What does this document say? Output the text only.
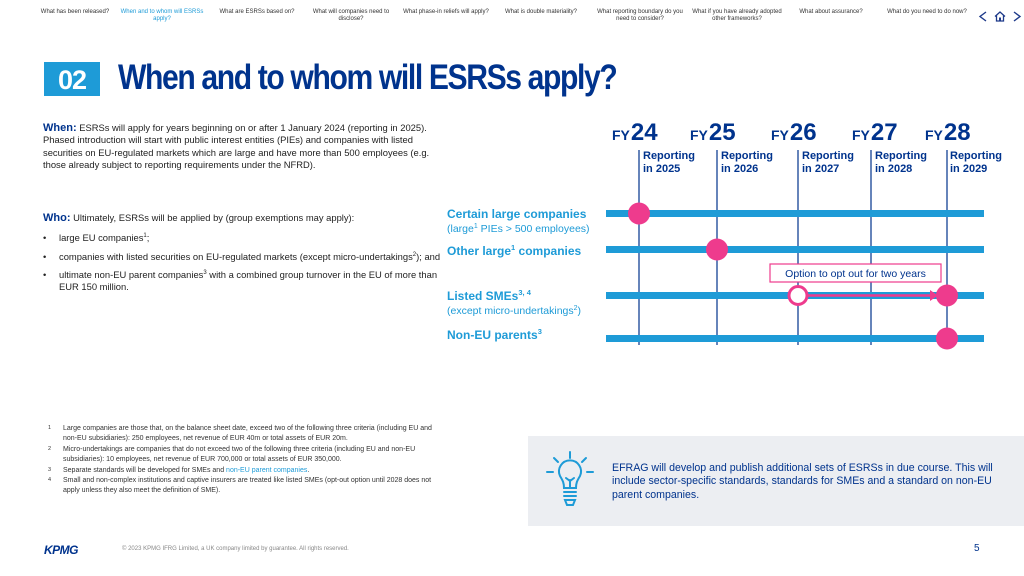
What has been released?	When and to whom will ESRSs apply?
What are ESRSs based on?	What will companies need to disclose?
What phase-in reliefs will apply?	What is double materiality?	What reporting boundary do you need to consider?
What if you have already adopted other frameworks?
What about assurance?	What do you need to do now?
02 When and to whom will ESRSs apply?
When: ESRSs will apply for years beginning on or after 1 January 2024 (reporting in 2025). Phased introduction will start with public interest entities (PIEs) and companies with listed securities on EU-regulated markets which are large and have more than 500 employees (e.g. those already subject to reporting requirements under the NFRD).
Who: Ultimately, ESRSs will be applied by (group exemptions may apply):
• large EU companies$^1$;
• companies with listed securities on EU-regulated markets (except micro-undertakings$^2$); and
• ultimate non-EU parent companies$^3$ with a combined group turnover in the EU of more than EUR 150 million.
FY24 FY25	FY26	FY27 FY28
Reporting in 2025
Reporting in 2026
Reporting in 2027
Reporting in 2028
Reporting in 2029
Option to opt out for two years
Certain large companies
(large$^1$ PIEs > 500 employees)
Other large$^1$ companies
Listed SMEs$^{3, 4}$
(except micro-undertakings$^2$)
Non-EU parents$^3$
1 Large companies are those that, on the balance sheet date, exceed two of the following three criteria (including EU and non-EU subsidiaries): 250 employees, net revenue of EUR 40m or total assets of EUR 20m.
2 Micro-undertakings are companies that do not exceed two of the following three criteria (including EU and non-EU subsidiaries): 10 employees, net revenue of EUR 700,000 or total assets of EUR 350,000.
3 Separate standards will be developed for SMEs and non-EU parent companies.
4 Small and non-complex institutions and captive insurers are treated like listed SMEs (opt-out option until 2028 does not apply unless they also meet the definition of SME).
EFRAG will develop and publish additional sets of ESRSs in due course. This will include sector-specific standards, standards for SMEs and a standard on non-EU parent companies.
KPMG	© 2023 KPMG IFRG Limited, a UK company limited by guarantee. All rights reserved.	5
